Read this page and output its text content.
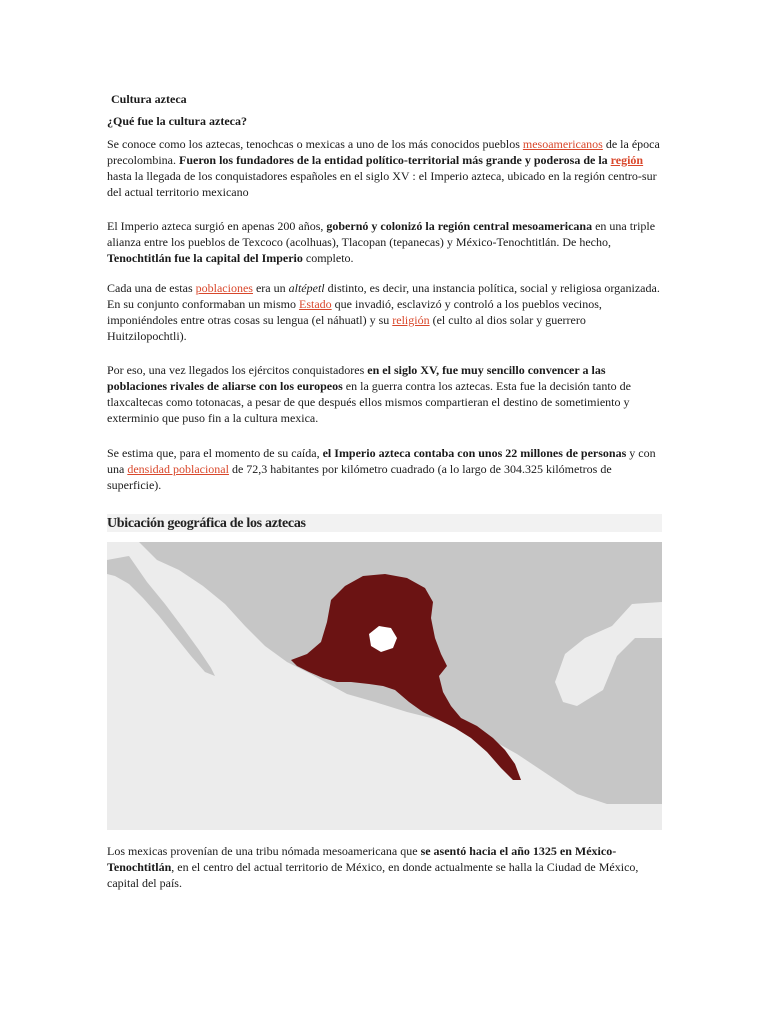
Cultura azteca
¿Qué fue la cultura azteca?

Se conoce como los aztecas, tenochcas o mexicas a uno de los más conocidos pueblos mesoamericanos de la época precolombina. Fueron los fundadores de la entidad político-territorial más grande y poderosa de la región hasta la llegada de los conquistadores españoles en el siglo XV : el Imperio azteca, ubicado en la región centro-sur del actual territorio mexicano

El Imperio azteca surgió en apenas 200 años, gobernó y colonizó la región central mesoamericana en una triple alianza entre los pueblos de Texcoco (acolhuas), Tlacopan (tepanecas) y México-Tenochtitlán. De hecho, Tenochtitlán fue la capital del Imperio completo.

Cada una de estas poblaciones era un altépetl distinto, es decir, una instancia política, social y religiosa organizada. En su conjunto conformaban un mismo Estado que invadió, esclavizó y controló a los pueblos vecinos, imponiéndoles entre otras cosas su lengua (el náhuatl) y su religión (el culto al dios solar y guerrero Huitzilopochtli).

Por eso, una vez llegados los ejércitos conquistadores en el siglo XV, fue muy sencillo convencer a las poblaciones rivales de aliarse con los europeos en la guerra contra los aztecas. Esta fue la decisión tanto de tlaxcaltecas como totonacas, a pesar de que después ellos mismos compartieran el destino de sometimiento y exterminio que puso fin a la cultura mexica.

Se estima que, para el momento de su caída, el Imperio azteca contaba con unos 22 millones de personas y con una densidad poblacional de 72,3 habitantes por kilómetro cuadrado (a lo largo de 304.325 kilómetros de superficie).

Ubicación geográfica de los aztecas

Los mexicas provenían de una tribu nómada mesoamericana que se asentó hacia el año 1325 en México-Tenochtitlán, en el centro del actual territorio de México, en donde actualmente se halla la Ciudad de México, capital del país.
